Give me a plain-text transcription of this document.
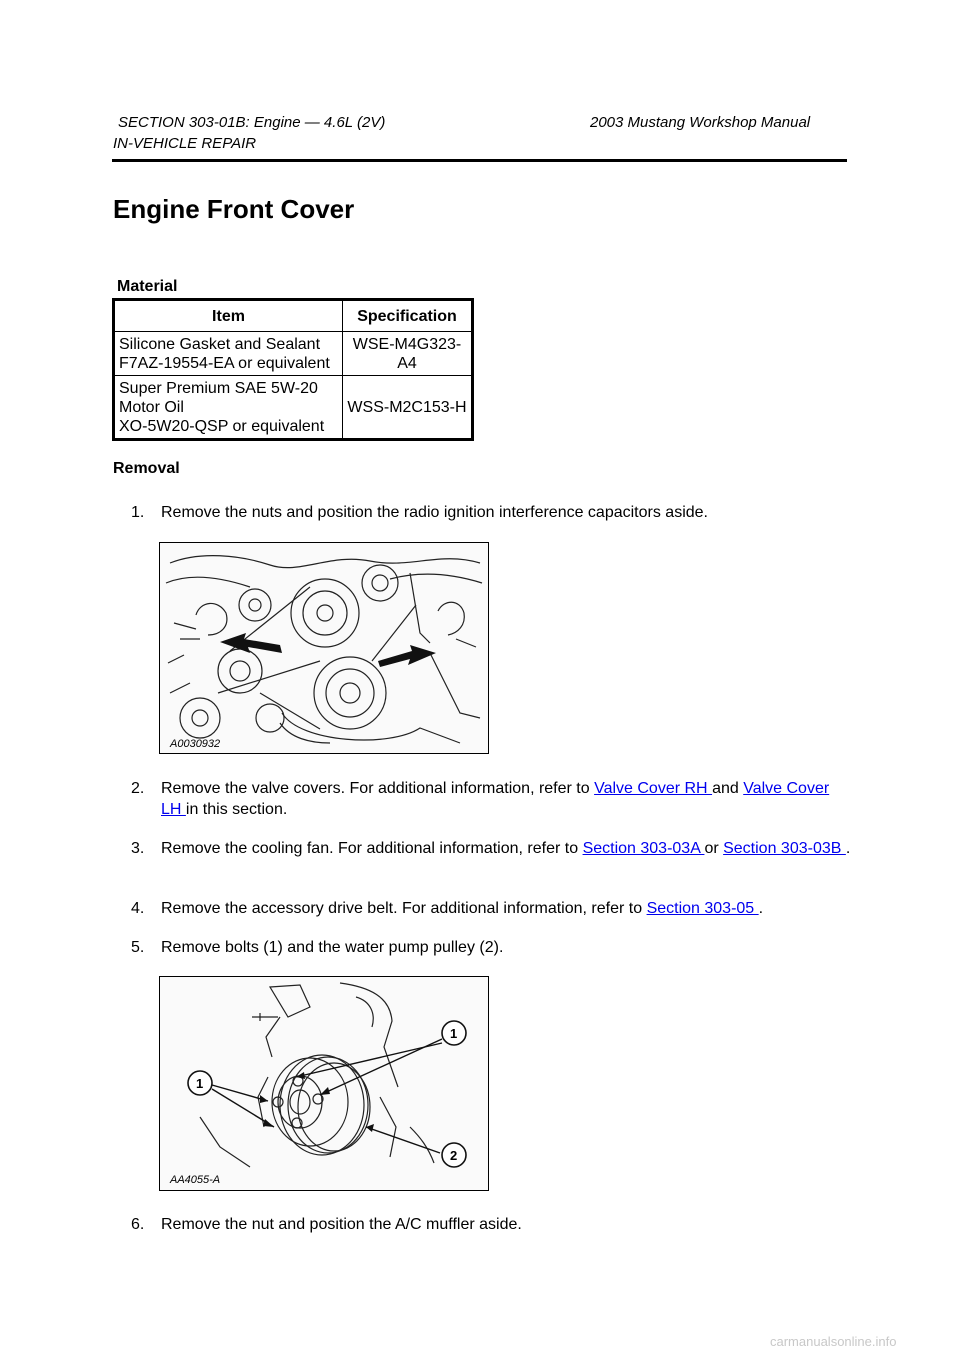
SECTION 303-01B: Engine — 4.6L (2V)	2003 Mustang Workshop Manual
IN-VEHICLE REPAIR
Engine Front Cover
Material
Item	Specification
Silicone Gasket and Sealant
F7AZ-19554-EA or equivalent	WSE-M4G323-
A4
Super Premium SAE 5W-20
Motor Oil
XO-5W20-QSP or equivalent	WSS-M2C153-H
Removal
1. Remove the nuts and position the radio ignition interference capacitors aside.
A0030932
2. Remove the valve covers. For additional information, refer to Valve Cover RH and Valve Cover LH in this section.
3. Remove the cooling fan. For additional information, refer to Section 303-03A or Section 303-03B .
4. Remove the accessory drive belt. For additional information, refer to Section 303-05 .
5. Remove bolts (1) and the water pump pulley (2).
1
1
2
AA4055-A
6. Remove the nut and position the A/C muffler aside.
carmanualsonline.info
